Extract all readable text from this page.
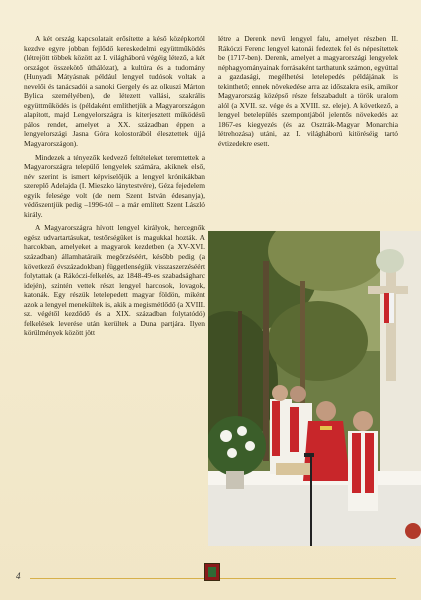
A két ország kapcsolatait erősítette a késő középkortól kezdve egyre jobban fejlődő kereskedelmi együttműködés (létrejött többek között az I. világháború végéig létező, a két országot összekötő úthálózat), a kultúra és a tudomány (Hunyadi Mátyásnak például lengyel tudósok voltak a nevelői és tanácsadói a sanoki Gergely és az olkuszi Márton Bylica személyében), de létezett vallási, szakrális együttműködés is (példaként említhetjük a Magyarországon alapított, majd Lengyelországra is kiterjesztett működésű pálos rendet, amelyet a XX. században éppen a lengyelországi Jasna Góra kolostorából élesztettek újjá Magyarországon).

Mindezek a tényezők kedvező feltételeket teremtettek a Magyarországra települő lengyelek számára, akiknek első, név szerint is ismert képviselőjük a lengyel krónikákban szereplő Adelajda (I. Mieszko lánytestvére), Géza fejedelem egyik felesége volt (de nem Szent István édesanyja), védőszentjük pedig –1996-tól – a már említett Szent László király.

A Magyarországra hívott lengyel királyok, hercegnők egész udvartartásukat, testőrségüket is magukkal hozták. A harcokban, amelyeket a magyarok kezdetben (a XV-XVI. században) államhatáraik megőrzéséért, később pedig (a következő évszázadokban) függetlenségük visszaszerzéséért folytattak (a Rákóczi-felkelés, az 1848-49-es szabadságharc idején), szintén vettek részt lengyel harcosok, lovagok, katonák. Egy részük letelepedett magyar földön, miként azok a lengyel menekültek is, akik a megismétlődő (a XVIII. sz. végétől kezdődő és a XIX. században folytatódó) felkelések leverése után kerültek a Duna partjára. Ilyen körülmények között jött

létre a Derenk nevű lengyel falu, amelyet részben II. Rákóczi Ferenc lengyel katonái fedeztek fel és népesítettek be (1717-ben). Derenk, amelyet a magyarországi lengyelek néphagyományainak forrásaként tarthatunk számon, egyúttal a gazdasági, megélhetési letelepedés példájának is tekinthető; ennek növekedése arra az időszakra esik, amikor Magyarország középső része felszabadult a török uralom alól (a XVII. sz. vége és a XVIII. sz. eleje). A következő, a lengyel betelepülés szempontjából jelentős növekedés az 1867-es kiegyezés (és az Osztrák-Magyar Monarchia létrehozása) utáni, az I. világháború kitöréséig tartó évtizedekre esett.

4
